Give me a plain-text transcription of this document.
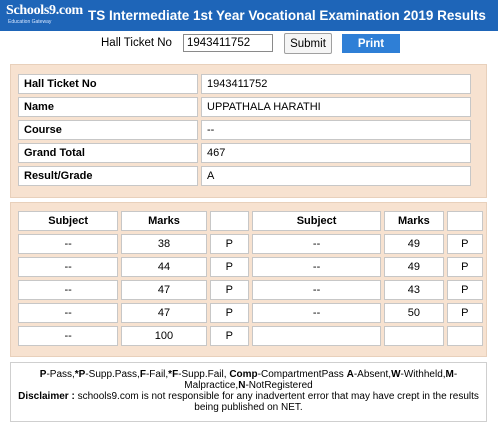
Schools9.com
Education Gateway	TS Intermediate 1st Year Vocational Examination 2019 Results
Hall Ticket No
1943411752	Submit	Print
Hall Ticket No	1943411752
Name	UPPATHALA HARATHI
Course	--
Grand Total	467
Result/Grade	A
Subject	Marks		Subject	Marks	
--	38	P	--	49	P
--	44	P	--	49	P
--	47	P	--	43	P
--	47	P	--	50	P
--	100	P			
P-Pass,*P-Supp.Pass,F-Fail,*F-Supp.Fail, Comp-CompartmentPass A-Absent,W-Withheld,M-Malpractice,N-NotRegistered
Disclaimer : schools9.com is not responsible for any inadvertent error that may have crept in the results being published on NET.
